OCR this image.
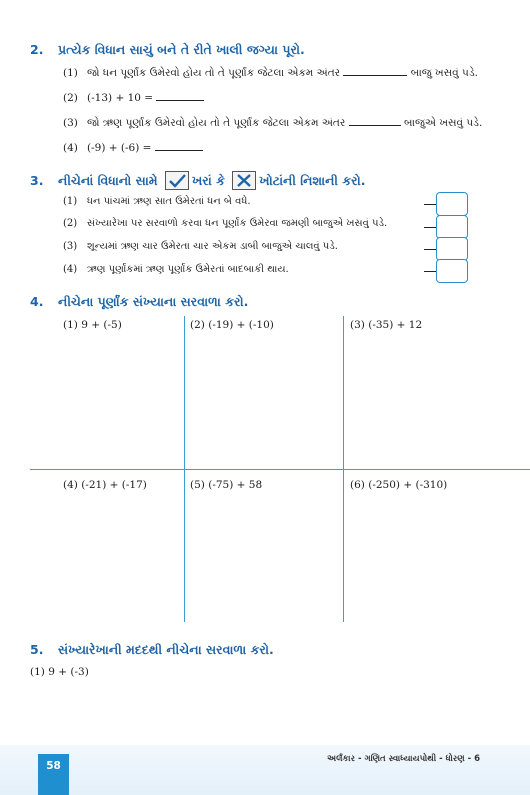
2. પ્રત્યેક વિધાન સાચું બને તે રીતે ખાલી જગ્યા પૂરો.
(1) જો ધન પૂર્ણાંક ઉમેરવો હોય તો તે પૂર્ણાંક જેટલા એકમ અંતર	બાજુ ખસવું પડે.
(2) (-13) + 10 =
(3) જો ઋણ પૂર્ણાંક ઉમેરવો હોય તો તે પૂર્ણાંક જેટલા એકમ અંતર	બાજુએ ખસવું પડે.
(4) (-9) + (-6) =
3. નીચેનાં વિધાનો સામે	ખરાં કે	ખોટાંની નિશાની કરો.
(1) ધન પાંચમાં ઋણ સાત ઉમેરતાં ધન બે વધે.
(2) સંખ્યારેખા પર સરવાળો કરવા ધન પૂર્ણાંક ઉમેરવા જમણી બાજુએ ખસવું પડે.
(3) શૂન્યમાં ઋણ ચાર ઉમેરતા ચાર એકમ ડાબી બાજુએ ચાલવું પડે.
(4) ઋણ પૂર્ણાંકમાં ઋણ પૂર્ણાંક ઉમેરતાં બાદબાકી થાય.
4. નીચેના પૂર્ણાંક સંખ્યાના સરવાળા કરો.
(1) 9 + (-5)	(2) (-19) + (-10)	(3) (-35) + 12
(4) (-21) + (-17)	(5) (-75) + 58	(6) (-250) + (-310)
5. સંખ્યારેખાની મદદથી નીચેના સરવાળા કરો.
(1) 9 + (-3)
અર્લંકાર - ગણિત સ્વાધ્યાયપોથી - ધોરણ - 6
58
